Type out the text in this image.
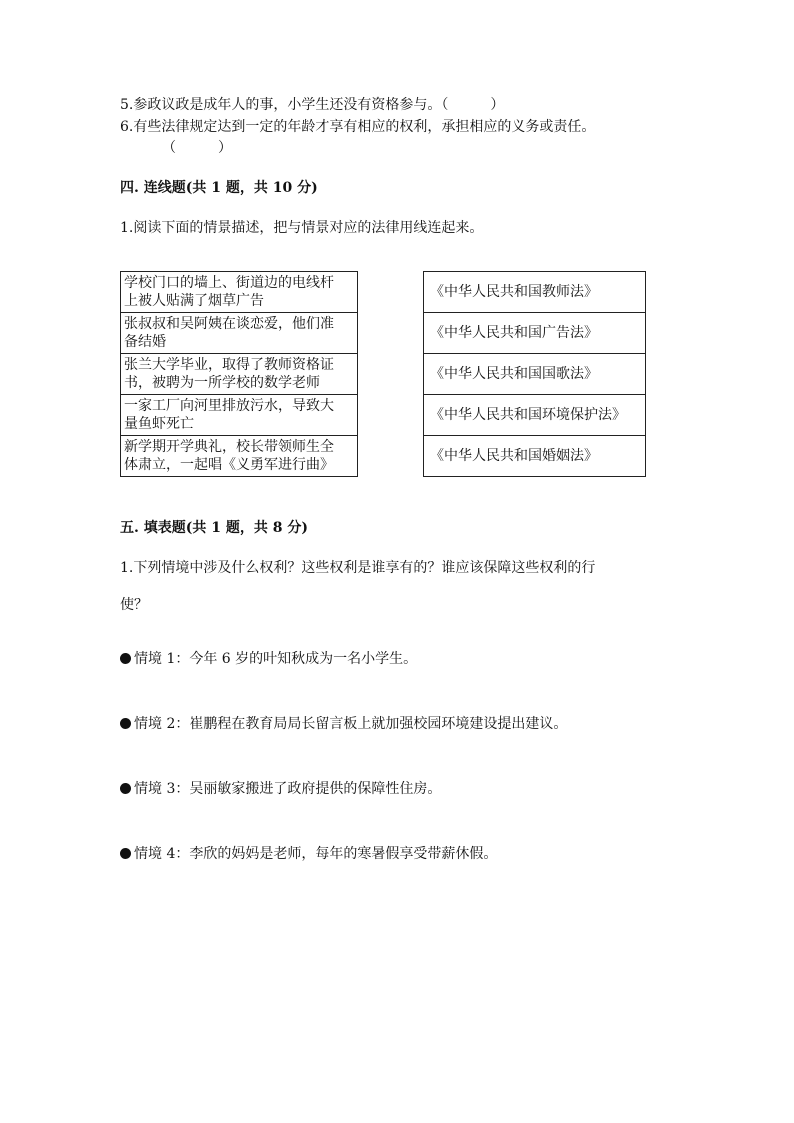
5.参政议政是成年人的事，小学生还没有资格参与。（　　　）
6.有些法律规定达到一定的年龄才享有相应的权利，承担相应的义务或责任。
（　　　）
四. 连线题(共 1 题，共 10 分)
1.阅读下面的情景描述，把与情景对应的法律用线连起来。
学校门口的墙上、街道边的电线杆
上被人贴满了烟草广告
张叔叔和吴阿姨在谈恋爱，他们准
备结婚
张兰大学毕业，取得了教师资格证
书，被聘为一所学校的数学老师
一家工厂向河里排放污水，导致大
量鱼虾死亡
新学期开学典礼，校长带领师生全
体肃立，一起唱《义勇军进行曲》
《中华人民共和国教师法》
《中华人民共和国广告法》
《中华人民共和国国歌法》
《中华人民共和国环境保护法》
《中华人民共和国婚姻法》
五. 填表题(共 1 题，共 8 分)
1.下列情境中涉及什么权利？这些权利是谁享有的？谁应该保障这些权利的行
使？
情境 1：今年 6 岁的叶知秋成为一名小学生。
情境 2：崔鹏程在教育局局长留言板上就加强校园环境建设提出建议。
情境 3：吴丽敏家搬进了政府提供的保障性住房。
情境 4：李欣的妈妈是老师，每年的寒暑假享受带薪休假。
